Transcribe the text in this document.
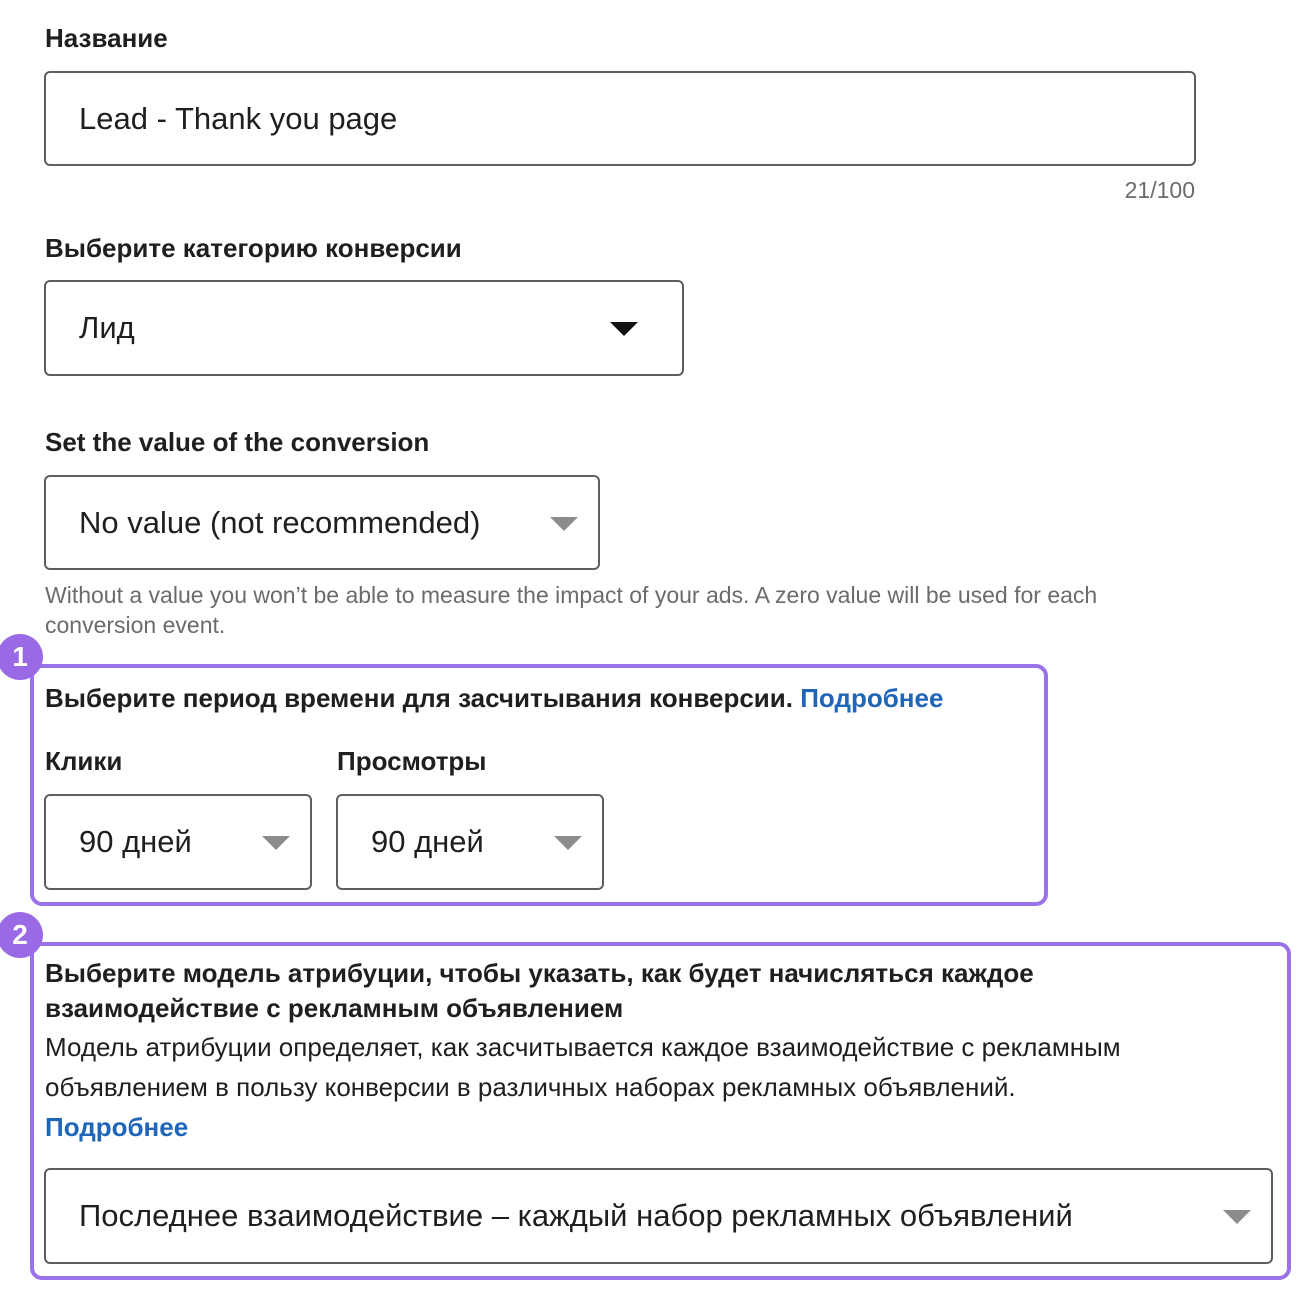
Название
Lead - Thank you page
21/100
Выберите категорию конверсии
Лид
Set the value of the conversion
No value (not recommended)
Without a value you won’t be able to measure the impact of your ads. A zero value will be used for each conversion event.
1
Выберите период времени для засчитывания конверсии. Подробнее
Клики	Просмотры
90 дней	90 дней
2
Выберите модель атрибуции, чтобы указать, как будет начисляться каждое взаимодействие с рекламным объявлением
Модель атрибуции определяет, как засчитывается каждое взаимодействие с рекламным объявлением в пользу конверсии в различных наборах рекламных объявлений. Подробнее
Последнее взаимодействие – каждый набор рекламных объявлений
